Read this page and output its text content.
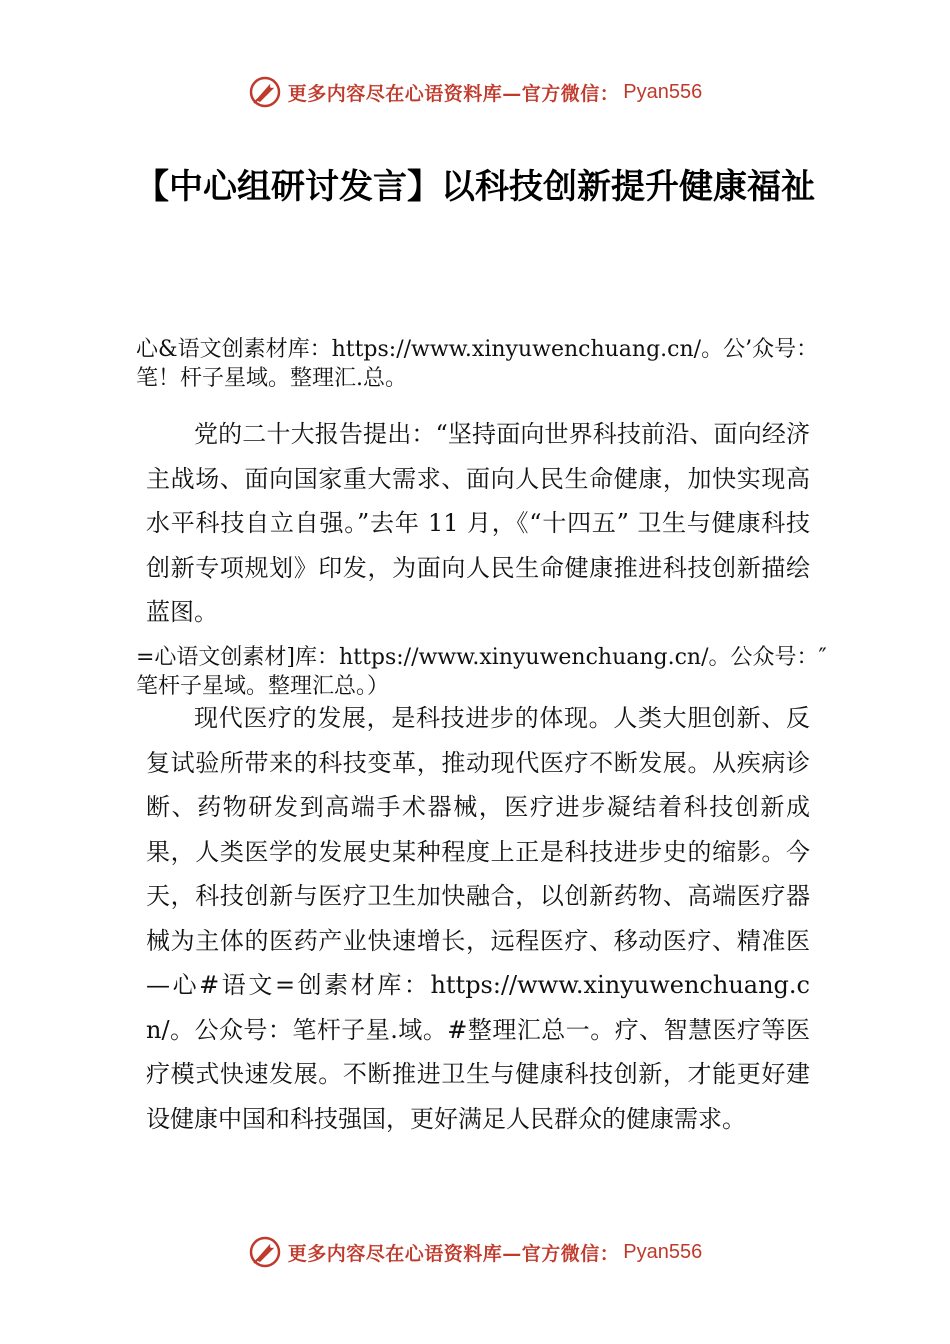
更多内容尽在心语资料库—官方微信： Pyan556
【中心组研讨发言】以科技创新提升健康福祉
心&语文创素材库：https://www.xinyuwenchuang.cn/。公’众号：笔！杆子星域。整理汇.总。

党的二十大报告提出：“坚持面向世界科技前沿、面向经济主战场、面向国家重大需求、面向人民生命健康，加快实现高水平科技自立自强。”去年 11 月，《“十四五” 卫生与健康科技创新专项规划》印发，为面向人民生命健康推进科技创新描绘蓝图。

=心语文创素材]库：https://www.xinyuwenchuang.cn/。公众号：″笔杆子星域。整理汇总。）

现代医疗的发展，是科技进步的体现。人类大胆创新、反复试验所带来的科技变革，推动现代医疗不断发展。从疾病诊断、药物研发到高端手术器械，医疗进步凝结着科技创新成果，人类医学的发展史某种程度上正是科技进步史的缩影。今天，科技创新与医疗卫生加快融合，以创新药物、高端医疗器械为主体的医药产业快速增长，远程医疗、移动医疗、精准医—心#语文=创素材库：https://www.xinyuwenchuang.cn/。公众号：笔杆子星.域。#整理汇总一。疗、智慧医疗等医疗模式快速发展。不断推进卫生与健康科技创新，才能更好建设健康中国和科技强国，更好满足人民群众的健康需求。

更多内容尽在心语资料库—官方微信： Pyan556
